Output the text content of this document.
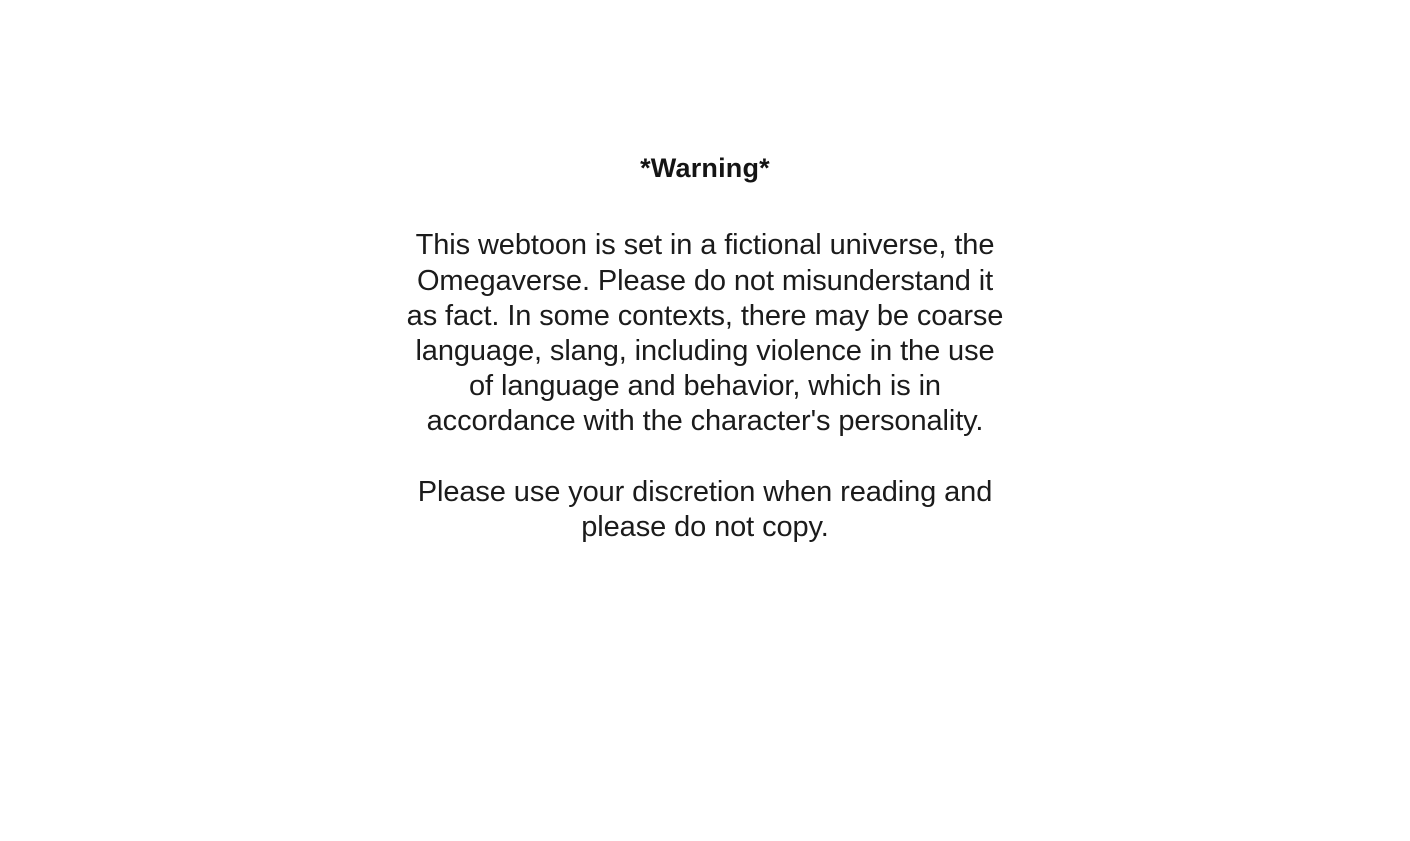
*Warning*

This webtoon is set in a fictional universe, the Omegaverse. Please do not misunderstand it as fact. In some contexts, there may be coarse language, slang, including violence in the use of language and behavior, which is in accordance with the character's personality.

Please use your discretion when reading and please do not copy.
